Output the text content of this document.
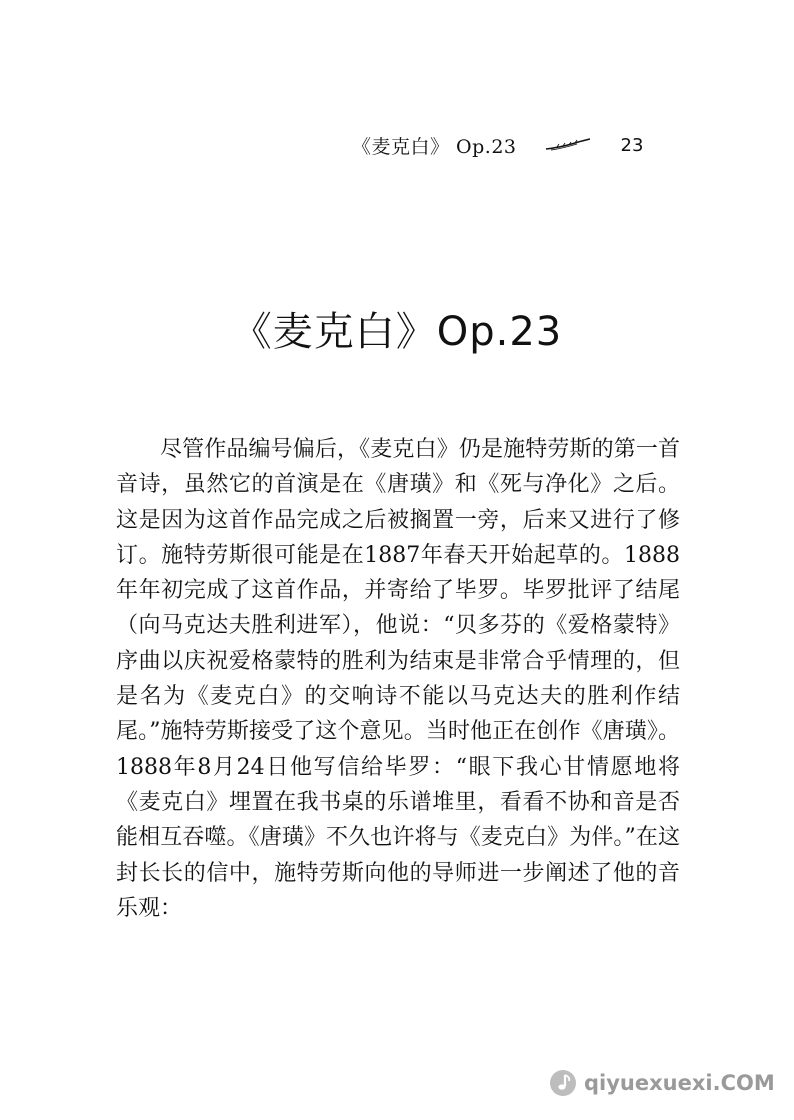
《麦克白》 Op.23	23
《麦克白》Op.23

尽管作品编号偏后，《麦克白》仍是施特劳斯的第一首音诗，虽然它的首演是在《唐璜》和《死与净化》之后。这是因为这首作品完成之后被搁置一旁，后来又进行了修订。施特劳斯很可能是在1887年春天开始起草的。1888年年初完成了这首作品，并寄给了毕罗。毕罗批评了结尾（向马克达夫胜利进军），他说：“贝多芬的《爱格蒙特》序曲以庆祝爱格蒙特的胜利为结束是非常合乎情理的，但是名为《麦克白》的交响诗不能以马克达夫的胜利作结尾。”施特劳斯接受了这个意见。当时他正在创作《唐璜》。1888年8月24日他写信给毕罗：“眼下我心甘情愿地将《麦克白》埋置在我书桌的乐谱堆里，看看不协和音是否能相互吞噬。《唐璜》不久也许将与《麦克白》为伴。”在这封长长的信中，施特劳斯向他的导师进一步阐述了他的音乐观：

qiyuexuexi.COM
